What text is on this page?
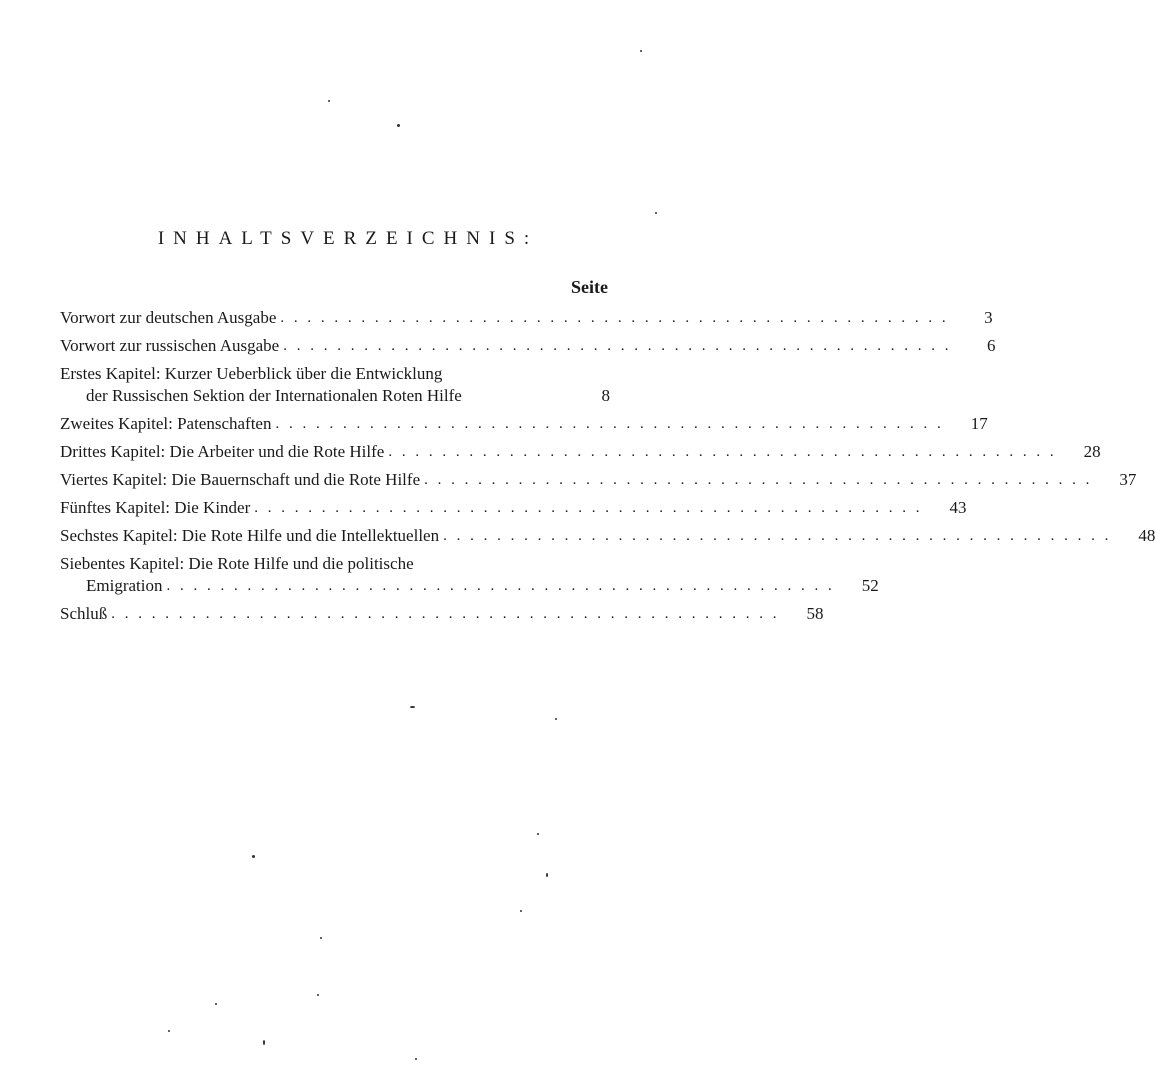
INHALTSVERZEICHNIS:
Seite
Vorwort zur deutschen Ausgabe . . . . . . . . . . . . . . . . . . . . . . . . . . . . . . . . . . . . . . . . . . . . . . . . . .	3
Vorwort zur russischen Ausgabe . . . . . . . . . . . . . . . . . . . . . . . . . . . . . . . . . . . . . . . . . . . . . . . . . .	6
Erstes Kapitel: Kurzer Ueberblick über die Entwicklung
der Russischen Sektion der Internationalen Roten Hilfe	8
Zweites Kapitel: Patenschaften . . . . . . . . . . . . . . . . . . . . . . . . . . . . . . . . . . . . . . . . . . . . . . . . . .	17
Drittes Kapitel: Die Arbeiter und die Rote Hilfe . . . . . . . . . . . . . . . . . . . . . . . . . . . . . . . . . . . . . . . . . . . . . . . . . .	28
Viertes Kapitel: Die Bauernschaft und die Rote Hilfe . . . . . . . . . . . . . . . . . . . . . . . . . . . . . . . . . . . . . . . . . . . . . . . . . .	37
Fünftes Kapitel: Die Kinder . . . . . . . . . . . . . . . . . . . . . . . . . . . . . . . . . . . . . . . . . . . . . . . . . .	43
Sechstes Kapitel: Die Rote Hilfe und die Intellektuellen . . . . . . . . . . . . . . . . . . . . . . . . . . . . . . . . . . . . . . . . . . . . . . . . . .	48
Siebentes Kapitel: Die Rote Hilfe und die politische
Emigration . . . . . . . . . . . . . . . . . . . . . . . . . . . . . . . . . . . . . . . . . . . . . . . . . .	52
Schluß . . . . . . . . . . . . . . . . . . . . . . . . . . . . . . . . . . . . . . . . . . . . . . . . . .	58
